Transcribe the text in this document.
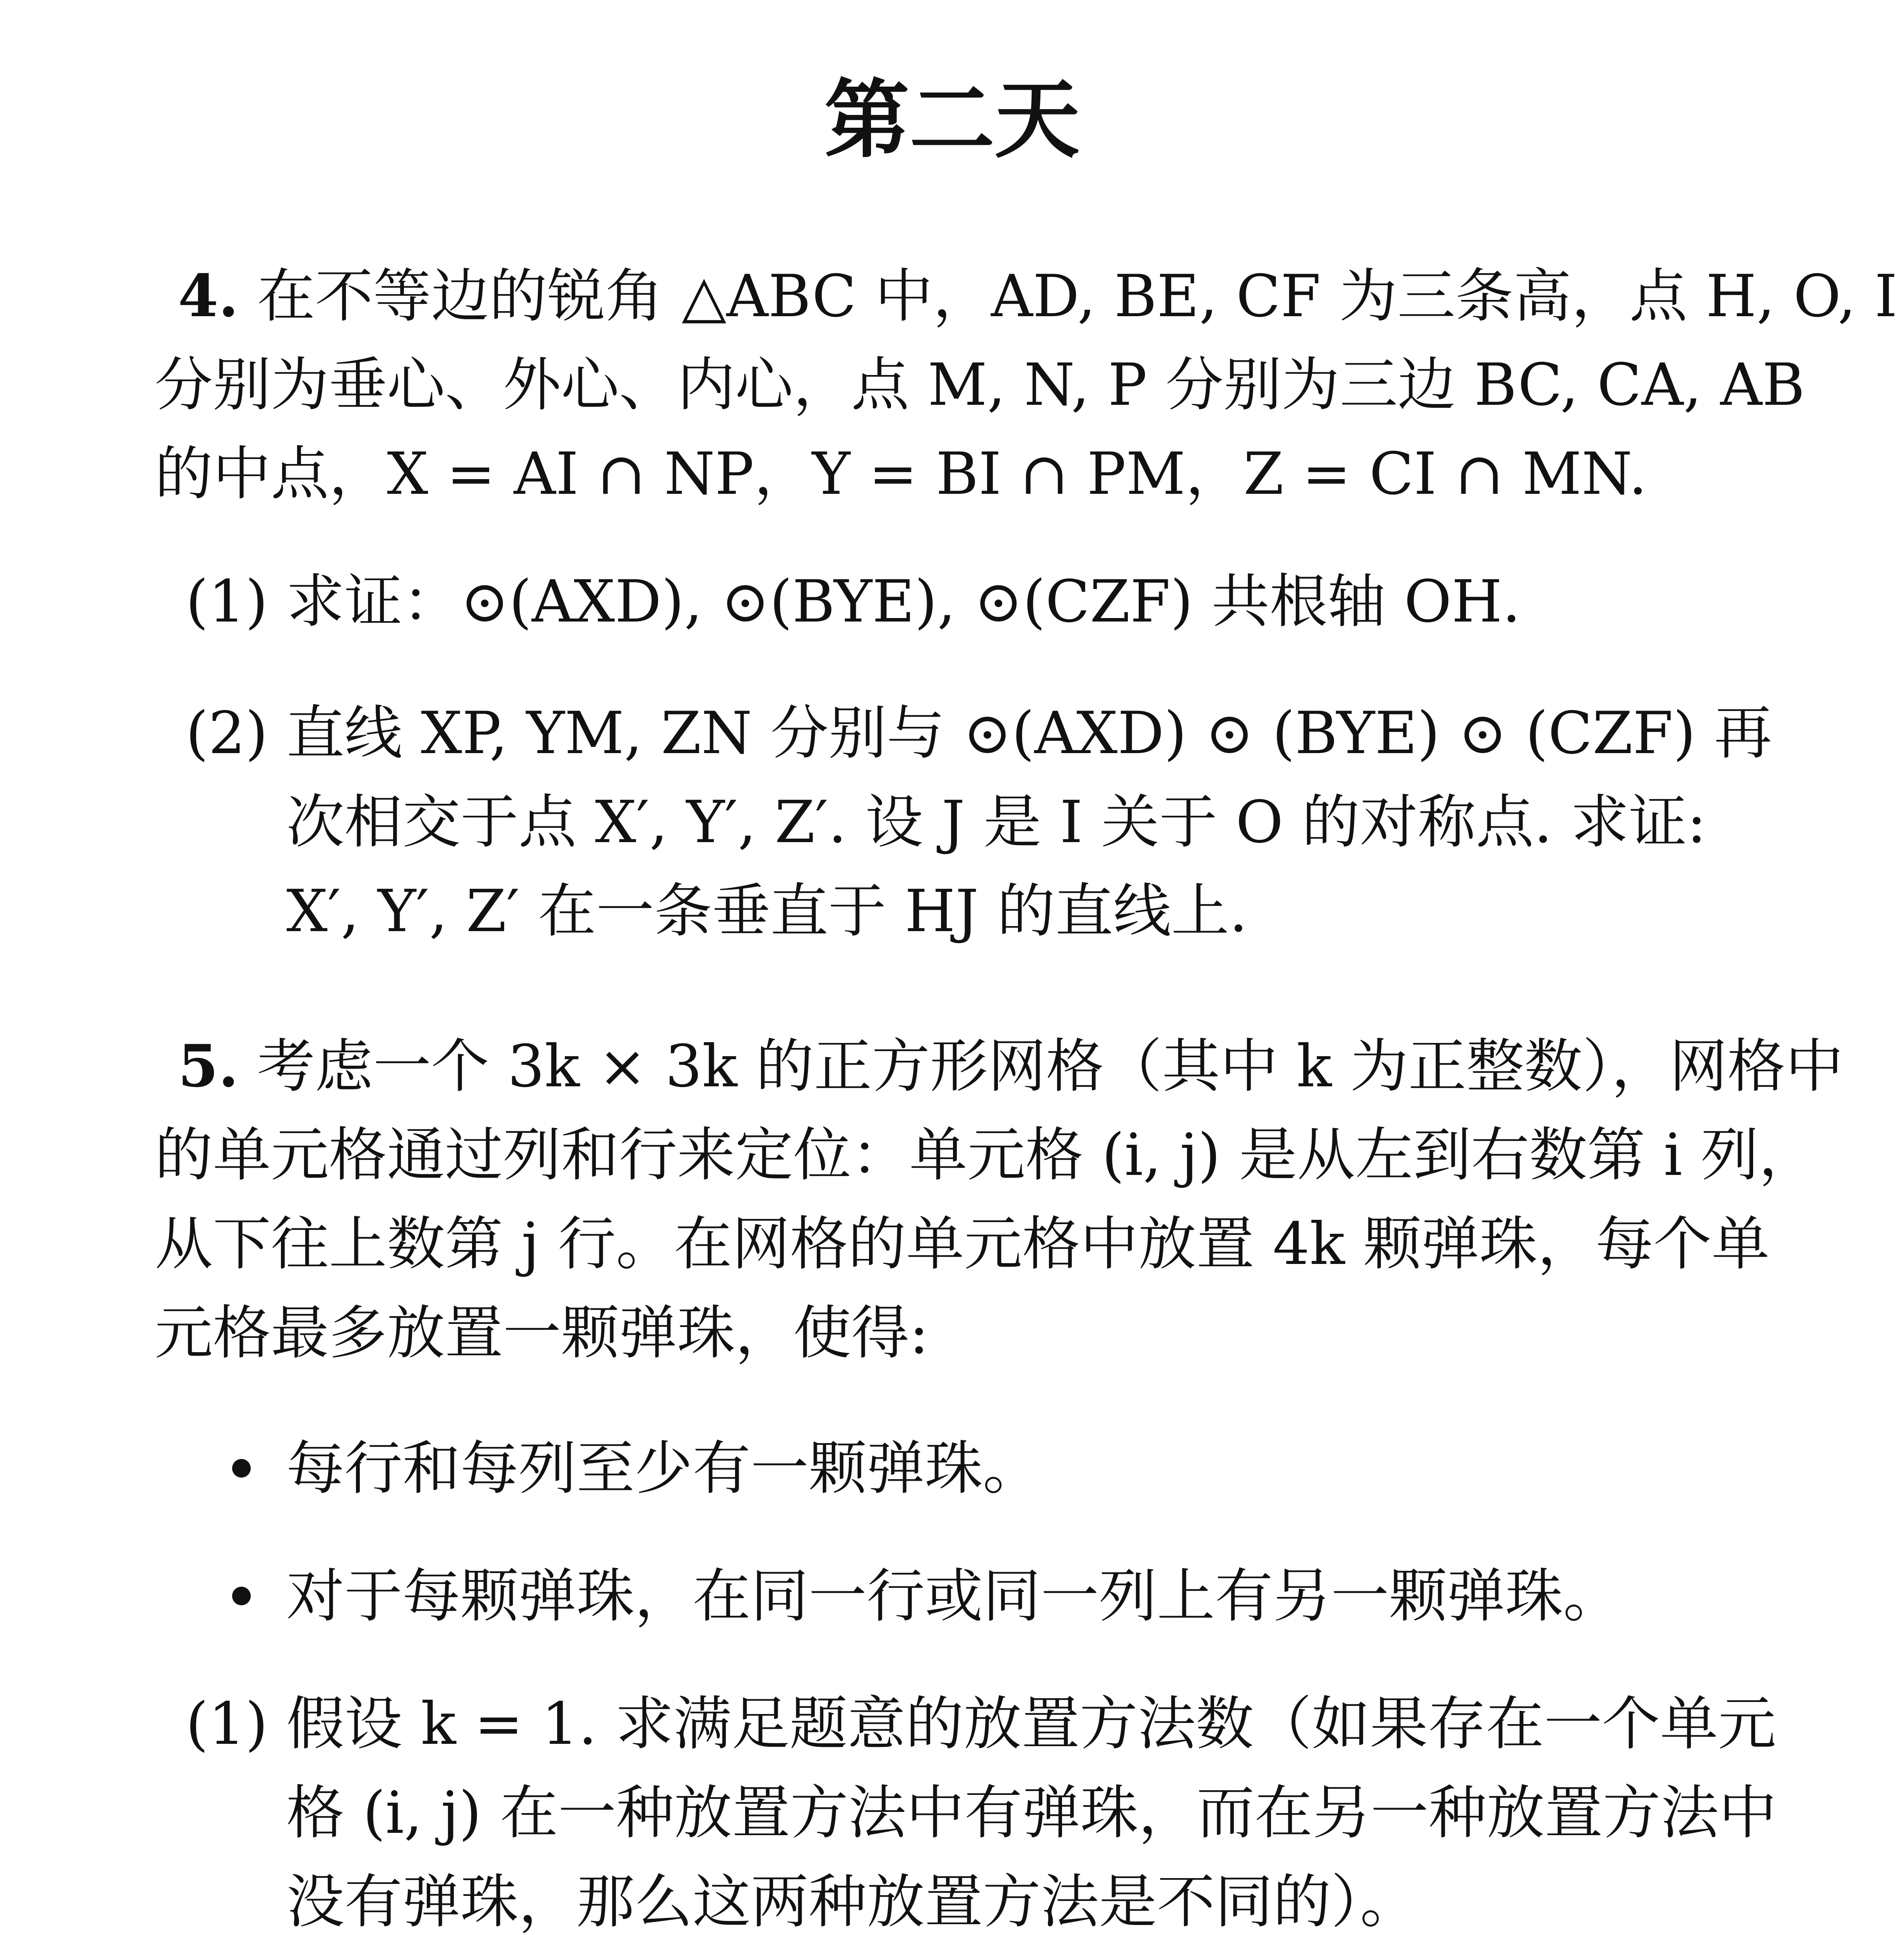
第二天
4. 在不等边的锐角 △ABC 中，AD, BE, CF 为三条高，点 H, O, I
分别为垂心、外心、内心，点 M, N, P 分别为三边 BC, CA, AB
的中点，X = AI ∩ NP，Y = BI ∩ PM，Z = CI ∩ MN.
(1) 求证：⊙(AXD), ⊙(BYE), ⊙(CZF) 共根轴 OH.
(2) 直线 XP, YM, ZN 分别与 ⊙(AXD) ⊙ (BYE) ⊙ (CZF) 再
次相交于点 X′, Y′, Z′. 设 J 是 I 关于 O 的对称点. 求证:
X′, Y′, Z′ 在一条垂直于 HJ 的直线上.
5. 考虑一个 3k × 3k 的正方形网格（其中 k 为正整数），网格中
的单元格通过列和行来定位：单元格 (i, j) 是从左到右数第 i 列，
从下往上数第 j 行。在网格的单元格中放置 4k 颗弹珠，每个单
元格最多放置一颗弹珠，使得:
每行和每列至少有一颗弹珠。
对于每颗弹珠，在同一行或同一列上有另一颗弹珠。
(1) 假设 k = 1. 求满足题意的放置方法数（如果存在一个单元
格 (i, j) 在一种放置方法中有弹珠，而在另一种放置方法中
没有弹珠，那么这两种放置方法是不同的）。
